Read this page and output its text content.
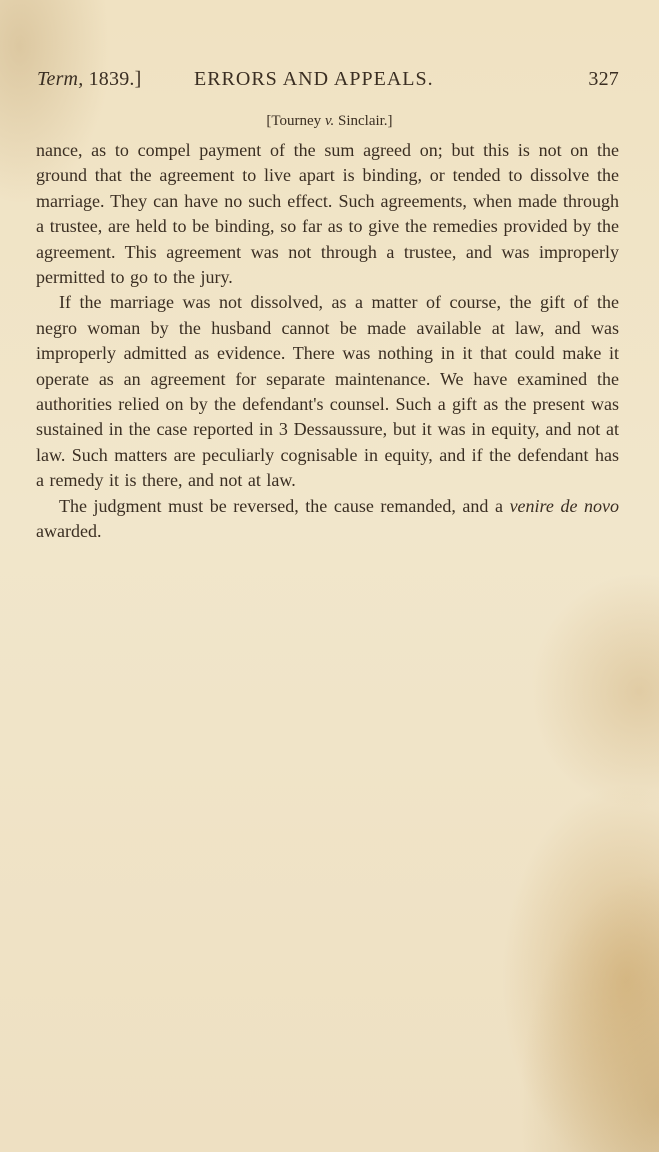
Term, 1839.]	ERRORS AND APPEALS.	327
[Tourney v. Sinclair.]

nance, as to compel payment of the sum agreed on; but this is not on the ground that the agreement to live apart is binding, or tended to dissolve the marriage. They can have no such effect. Such agreements, when made through a trustee, are held to be binding, so far as to give the remedies provided by the agreement. This agreement was not through a trustee, and was improperly permitted to go to the jury.

If the marriage was not dissolved, as a matter of course, the gift of the negro woman by the husband cannot be made available at law, and was improperly admitted as evidence. There was nothing in it that could make it operate as an agreement for separate maintenance. We have examined the authorities relied on by the defendant's counsel. Such a gift as the present was sustained in the case reported in 3 Dessaussure, but it was in equity, and not at law. Such matters are peculiarly cognisable in equity, and if the defendant has a remedy it is there, and not at law.

The judgment must be reversed, the cause remanded, and a venire de novo awarded.
